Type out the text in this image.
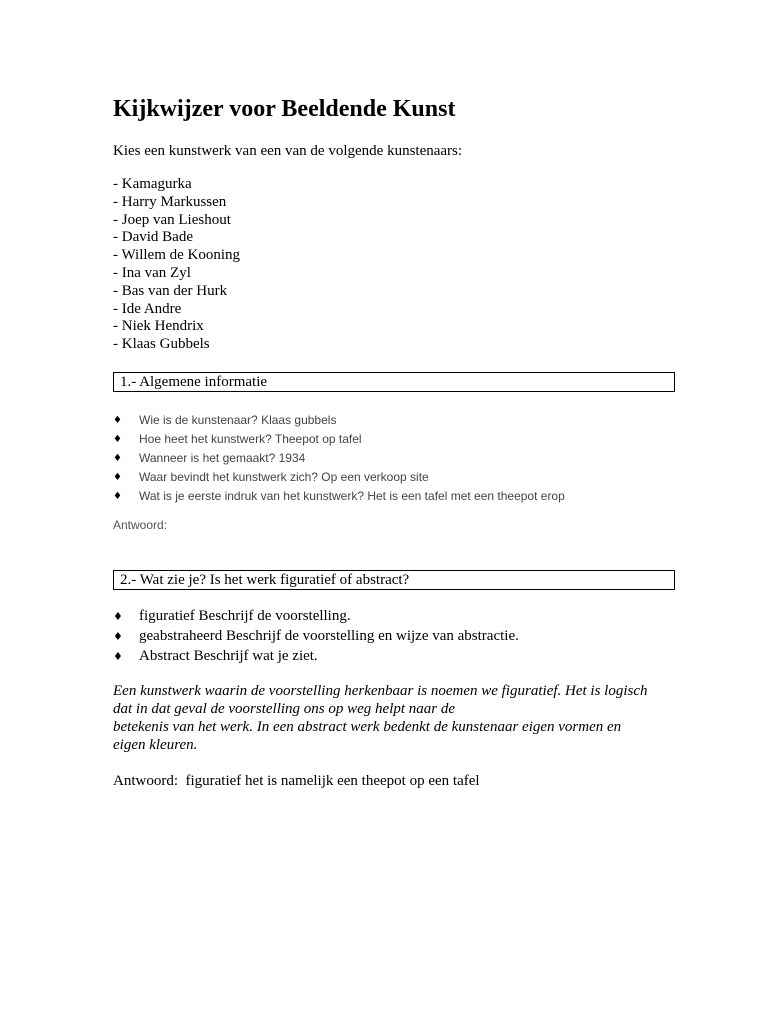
Kijkwijzer voor Beeldende Kunst
Kies een kunstwerk van een van de volgende kunstenaars:
- Kamagurka
- Harry Markussen
- Joep van Lieshout
- David Bade
- Willem de Kooning
- Ina van Zyl
- Bas van der Hurk
- Ide Andre
- Niek Hendrix
- Klaas Gubbels
1.- Algemene informatie
♦ Wie is de kunstenaar? Klaas gubbels
♦ Hoe heet het kunstwerk? Theepot op tafel
♦ Wanneer is het gemaakt? 1934
♦ Waar bevindt het kunstwerk zich? Op een verkoop site
♦ Wat is je eerste indruk van het kunstwerk? Het is een tafel met een theepot erop
Antwoord:
2.- Wat zie je? Is het werk figuratief of abstract?
♦ figuratief Beschrijf de voorstelling.
♦ geabstraheerd Beschrijf de voorstelling en wijze van abstractie.
♦ Abstract Beschrijf wat je ziet.
Een kunstwerk waarin de voorstelling herkenbaar is noemen we figuratief. Het is logisch
dat in dat geval de voorstelling ons op weg helpt naar de
betekenis van het werk. In een abstract werk bedenkt de kunstenaar eigen vormen en
eigen kleuren.
Antwoord:  figuratief het is namelijk een theepot op een tafel
